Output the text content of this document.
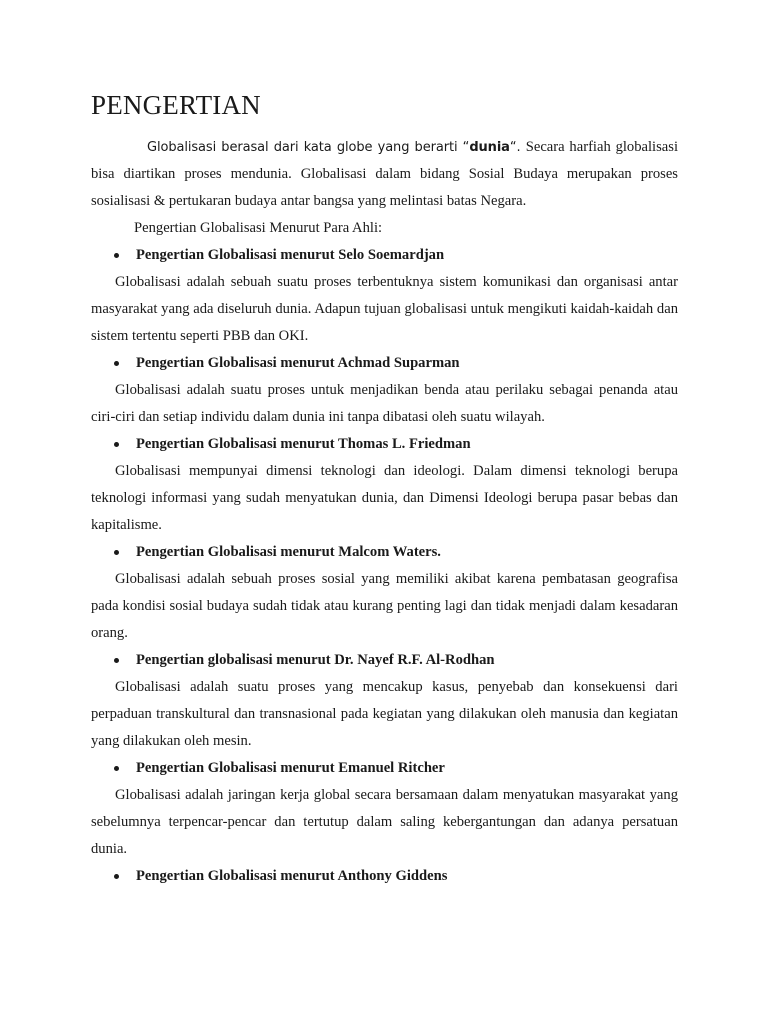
PENGERTIAN

Globalisasi berasal dari kata globe yang berarti “dunia“. Secara harfiah globalisasi bisa diartikan proses mendunia. Globalisasi dalam bidang Sosial Budaya merupakan proses sosialisasi & pertukaran budaya antar bangsa yang melintasi batas Negara.

Pengertian Globalisasi Menurut Para Ahli:

Pengertian Globalisasi menurut Selo Soemardjan

Globalisasi adalah sebuah suatu proses terbentuknya sistem komunikasi dan organisasi antar masyarakat yang ada diseluruh dunia. Adapun tujuan globalisasi untuk mengikuti kaidah-kaidah dan sistem tertentu seperti PBB dan OKI.

Pengertian Globalisasi menurut Achmad Suparman

Globalisasi adalah suatu proses untuk menjadikan benda atau perilaku sebagai penanda atau ciri-ciri dan setiap individu dalam dunia ini tanpa dibatasi oleh suatu wilayah.

Pengertian Globalisasi menurut Thomas L. Friedman

Globalisasi mempunyai dimensi teknologi dan ideologi. Dalam dimensi teknologi berupa teknologi informasi yang sudah menyatukan dunia, dan Dimensi Ideologi berupa pasar bebas dan kapitalisme.

Pengertian Globalisasi menurut Malcom Waters.

Globalisasi adalah sebuah proses sosial yang memiliki akibat karena pembatasan geografisa pada kondisi sosial budaya sudah tidak atau kurang penting lagi dan tidak menjadi dalam kesadaran orang.

Pengertian globalisasi menurut Dr. Nayef R.F. Al-Rodhan

Globalisasi adalah suatu proses yang mencakup kasus, penyebab dan konsekuensi dari perpaduan transkultural dan transnasional pada kegiatan yang dilakukan oleh manusia dan kegiatan yang dilakukan oleh mesin.

Pengertian Globalisasi menurut Emanuel Ritcher

Globalisasi adalah jaringan kerja global secara bersamaan dalam menyatukan masyarakat yang sebelumnya terpencar-pencar dan tertutup dalam saling kebergantungan dan adanya persatuan dunia.

Pengertian Globalisasi menurut Anthony Giddens
